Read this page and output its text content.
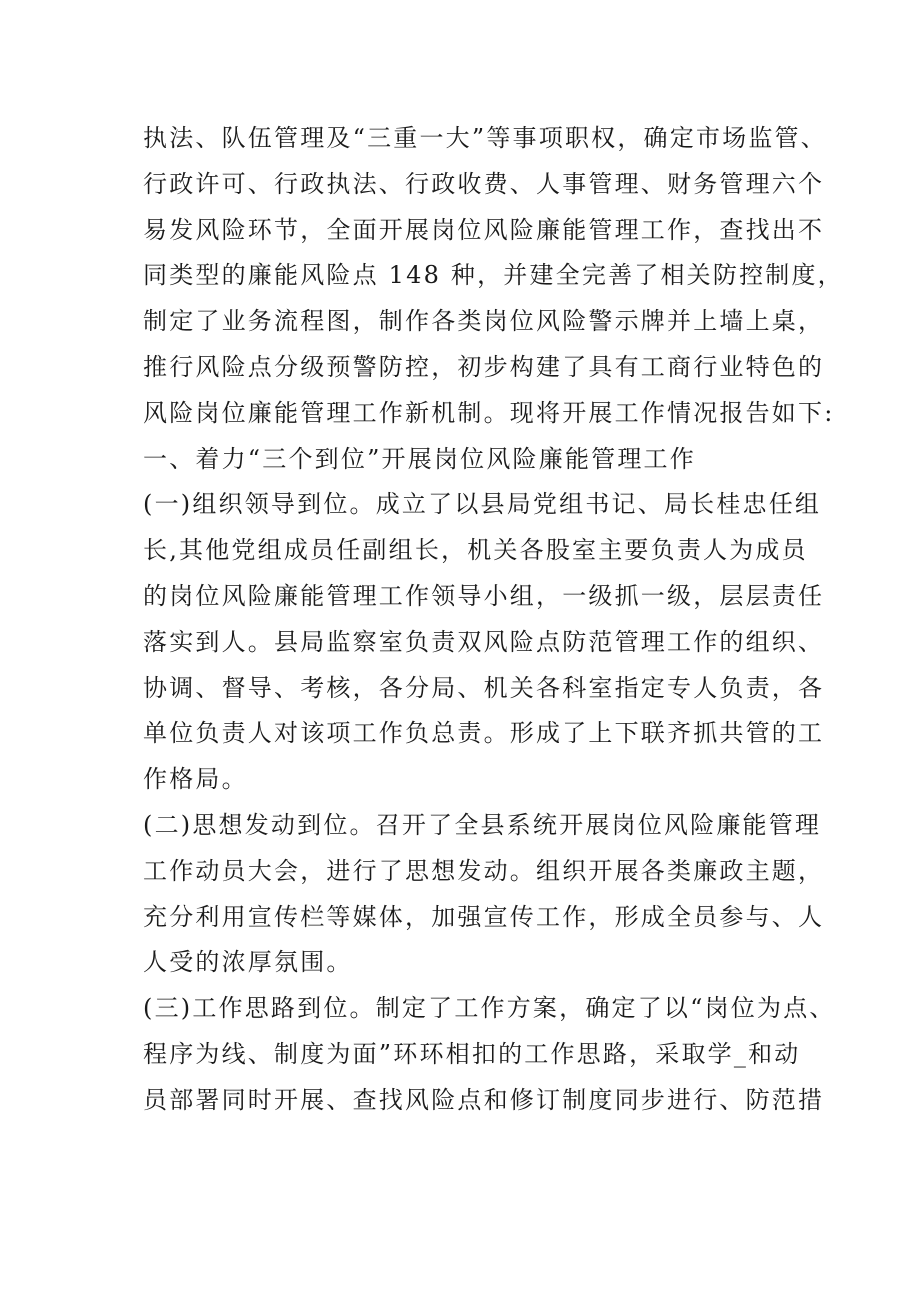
执法、队伍管理及“三重一大”等事项职权，确定市场监管、
行政许可、行政执法、行政收费、人事管理、财务管理六个
易发风险环节，全面开展岗位风险廉能管理工作，查找出不
同类型的廉能风险点 148 种，并建全完善了相关防控制度，
制定了业务流程图，制作各类岗位风险警示牌并上墙上桌，
推行风险点分级预警防控，初步构建了具有工商行业特色的
风险岗位廉能管理工作新机制。现将开展工作情况报告如下:
一、着力“三个到位”开展岗位风险廉能管理工作
(一)组织领导到位。成立了以县局党组书记、局长桂忠任组
长,其他党组成员任副组长，机关各股室主要负责人为成员
的岗位风险廉能管理工作领导小组，一级抓一级，层层责任
落实到人。县局监察室负责双风险点防范管理工作的组织、
协调、督导、考核，各分局、机关各科室指定专人负责，各
单位负责人对该项工作负总责。形成了上下联齐抓共管的工
作格局。
(二)思想发动到位。召开了全县系统开展岗位风险廉能管理
工作动员大会，进行了思想发动。组织开展各类廉政主题，
充分利用宣传栏等媒体，加强宣传工作，形成全员参与、人
人受的浓厚氛围。
(三)工作思路到位。制定了工作方案，确定了以“岗位为点、
程序为线、制度为面”环环相扣的工作思路，采取学_和动
员部署同时开展、查找风险点和修订制度同步进行、防范措
